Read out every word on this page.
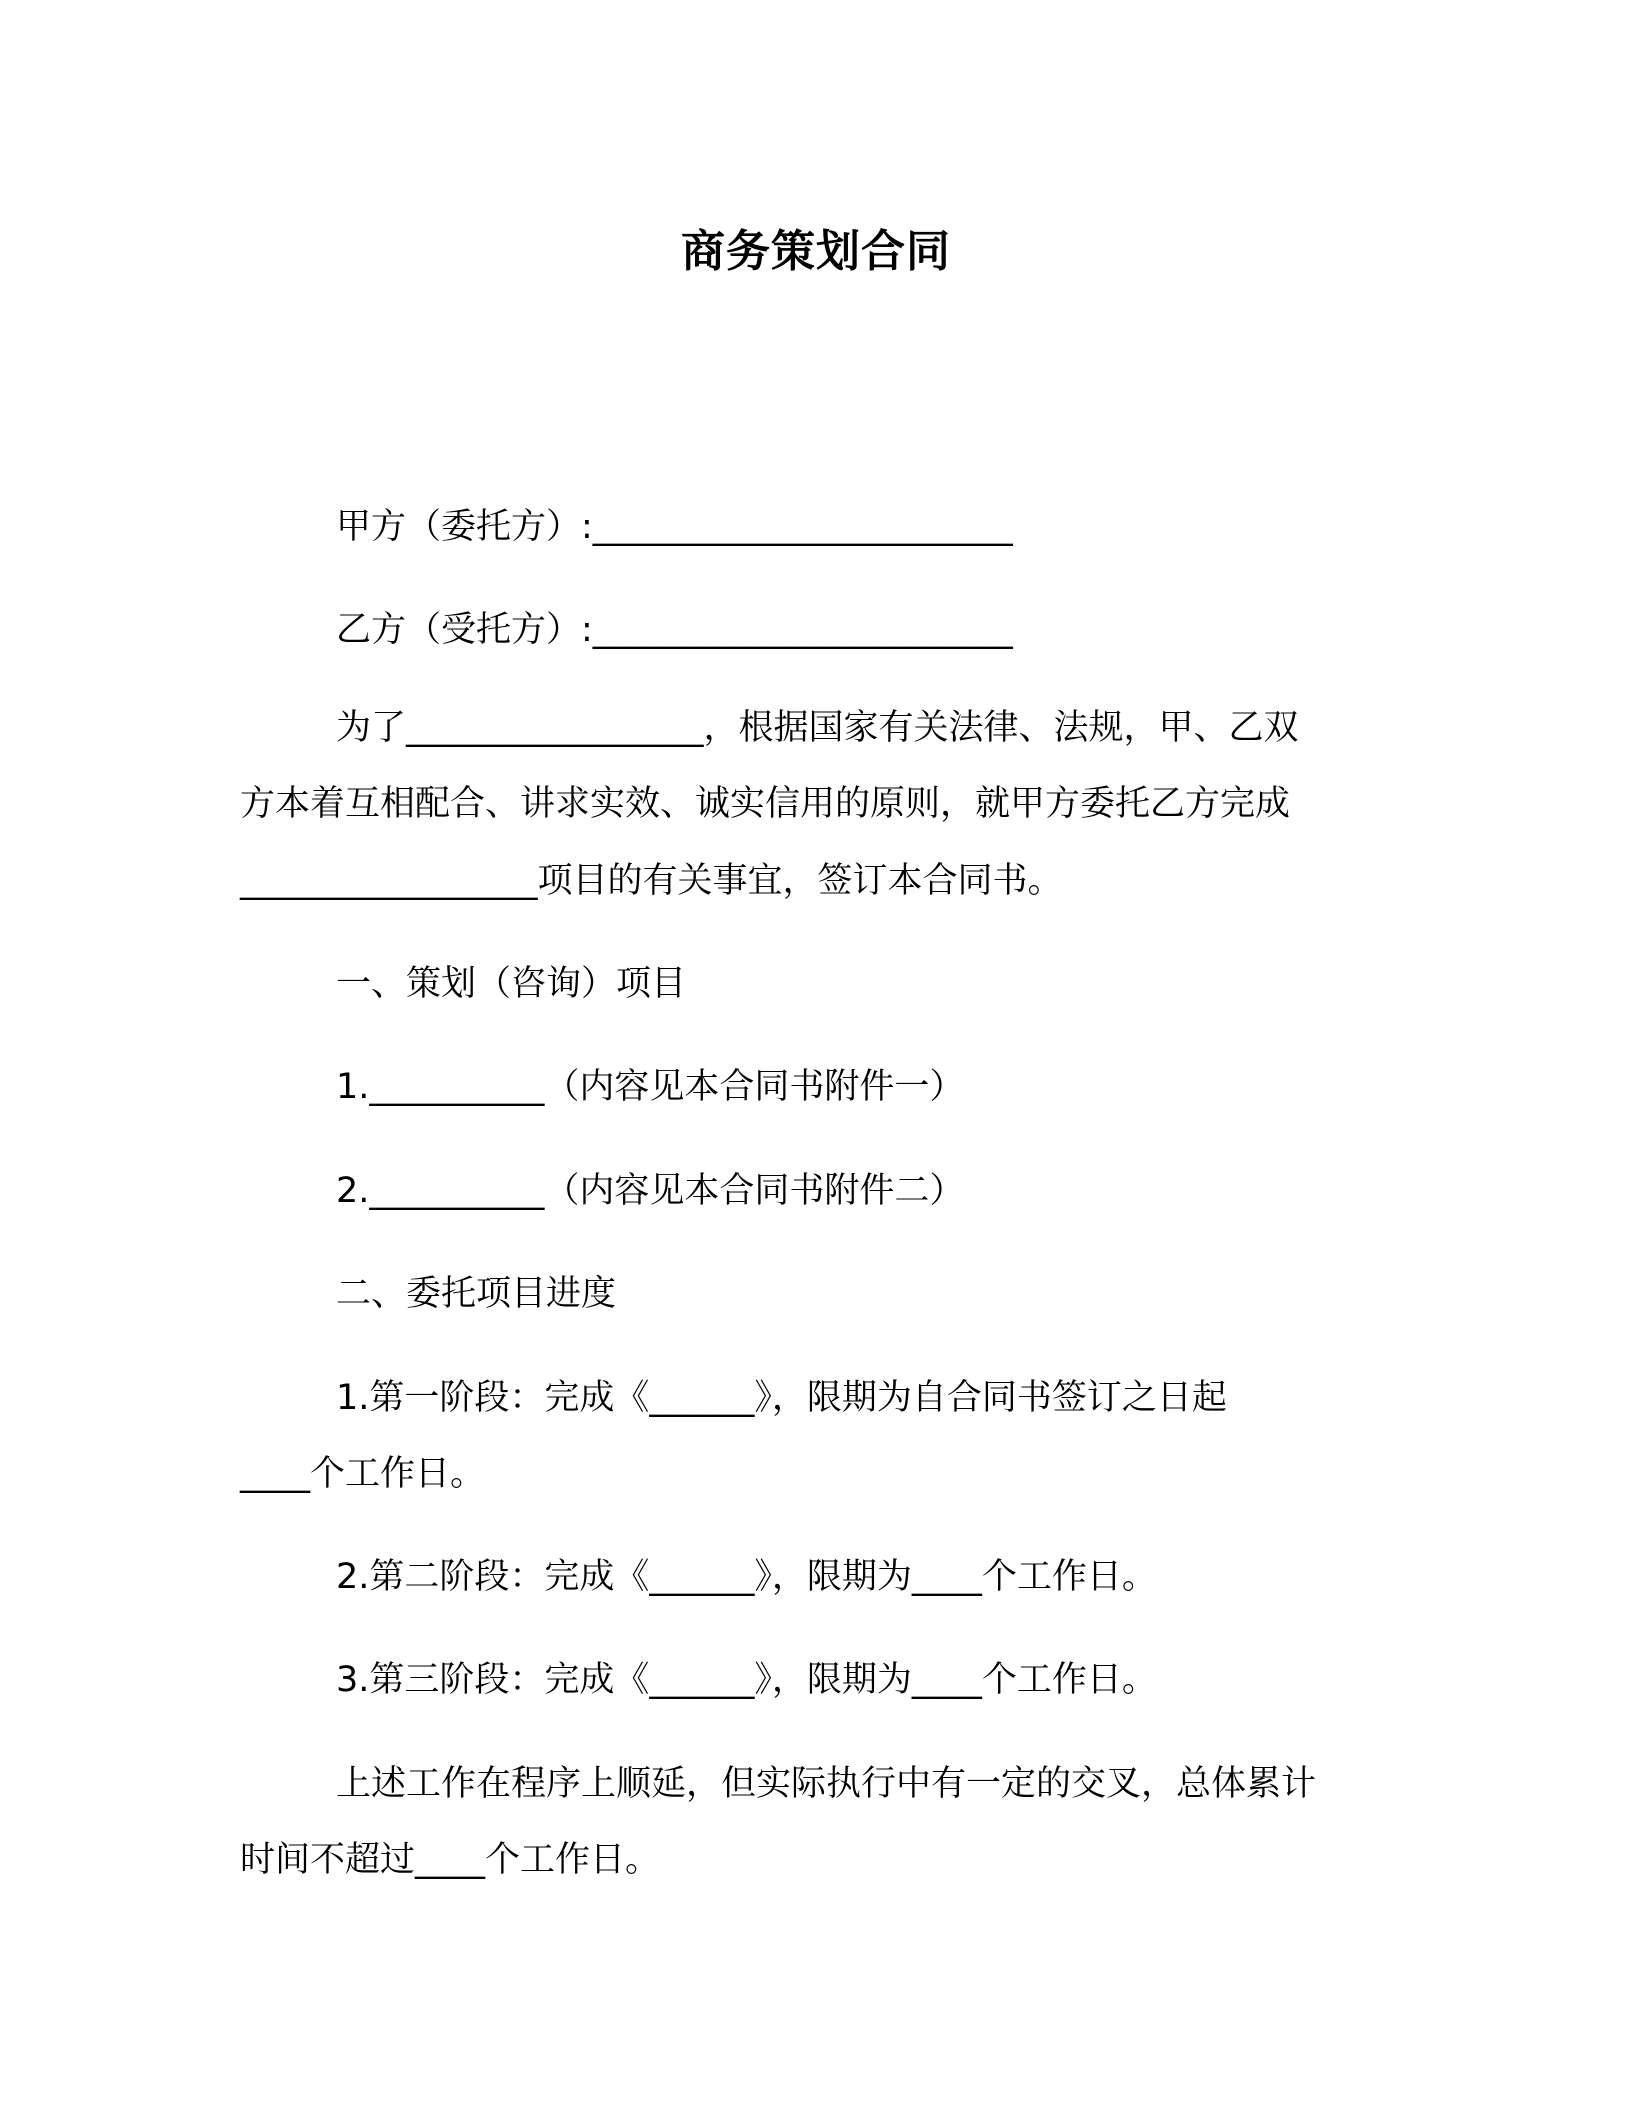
商务策划合同
甲方（委托方）:________________________
乙方（受托方）:________________________
为了_________________，根据国家有关法律、法规，甲、乙双
方本着互相配合、讲求实效、诚实信用的原则，就甲方委托乙方完成
_________________项目的有关事宜，签订本合同书。
一、策划（咨询）项目
1.__________（内容见本合同书附件一）
2.__________（内容见本合同书附件二）
二、委托项目进度
1.第一阶段：完成《______》，限期为自合同书签订之日起
____个工作日。
2.第二阶段：完成《______》，限期为____个工作日。
3.第三阶段：完成《______》，限期为____个工作日。
上述工作在程序上顺延，但实际执行中有一定的交叉，总体累计
时间不超过____个工作日。
